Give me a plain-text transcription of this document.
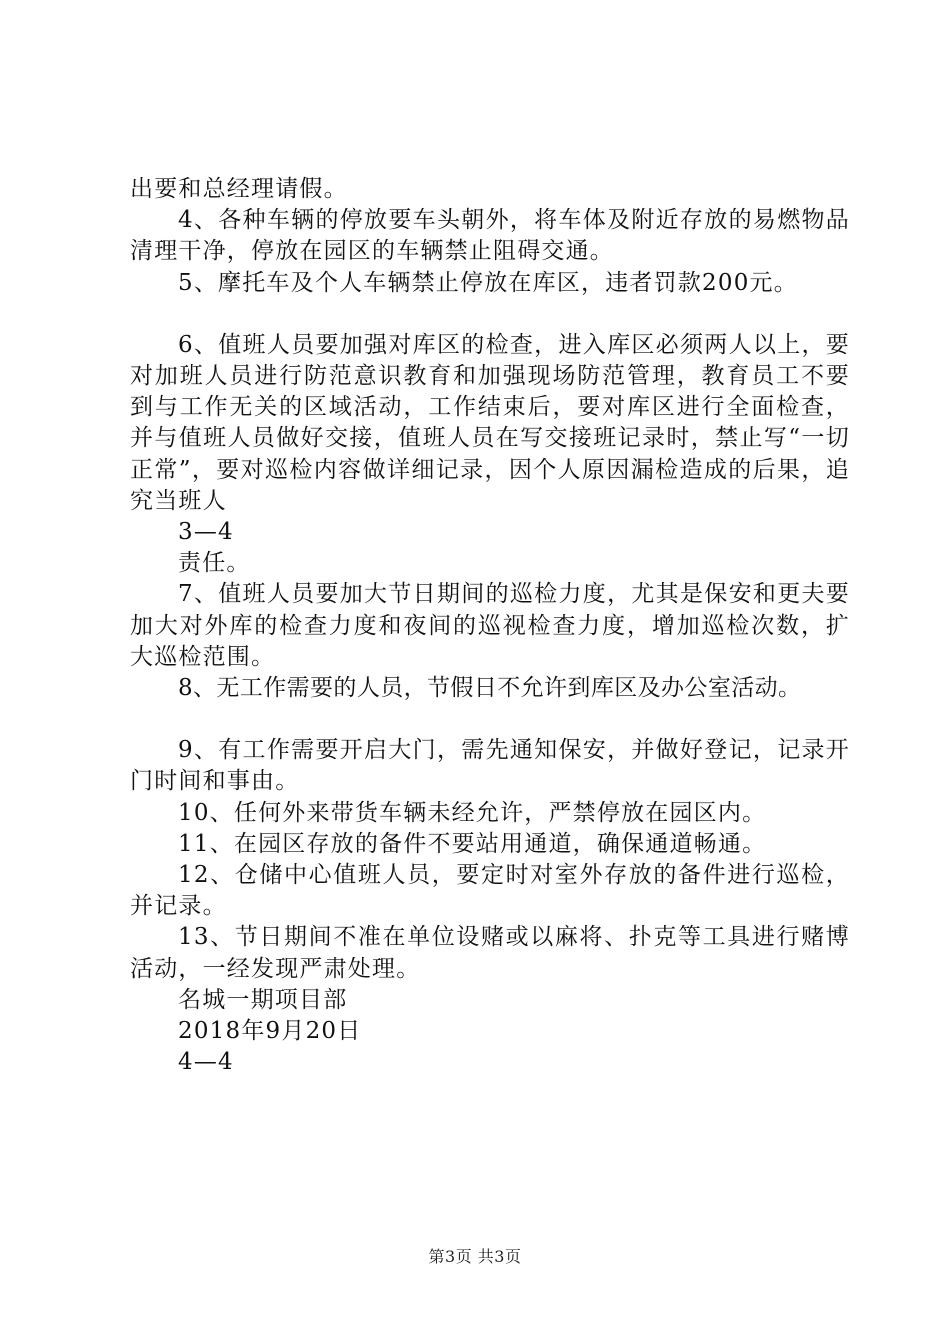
出要和总经理请假。

4、各种车辆的停放要车头朝外，将车体及附近存放的易燃物品清理干净，停放在园区的车辆禁止阻碍交通。

5、摩托车及个人车辆禁止停放在库区，违者罚款200元。

6、值班人员要加强对库区的检查，进入库区必须两人以上，要对加班人员进行防范意识教育和加强现场防范管理，教育员工不要到与工作无关的区域活动，工作结束后，要对库区进行全面检查，并与值班人员做好交接，值班人员在写交接班记录时，禁止写“一切正常”，要对巡检内容做详细记录，因个人原因漏检造成的后果，追究当班人

3—4

责任。

7、值班人员要加大节日期间的巡检力度，尤其是保安和更夫要加大对外库的检查力度和夜间的巡视检查力度，增加巡检次数，扩大巡检范围。

8、无工作需要的人员，节假日不允许到库区及办公室活动。

9、有工作需要开启大门，需先通知保安，并做好登记，记录开门时间和事由。

10、任何外来带货车辆未经允许，严禁停放在园区内。

11、在园区存放的备件不要站用通道，确保通道畅通。

12、仓储中心值班人员，要定时对室外存放的备件进行巡检，并记录。

13、节日期间不准在单位设赌或以麻将、扑克等工具进行赌博活动，一经发现严肃处理。

名城一期项目部

2018年9月20日

4—4

第3页 共3页
